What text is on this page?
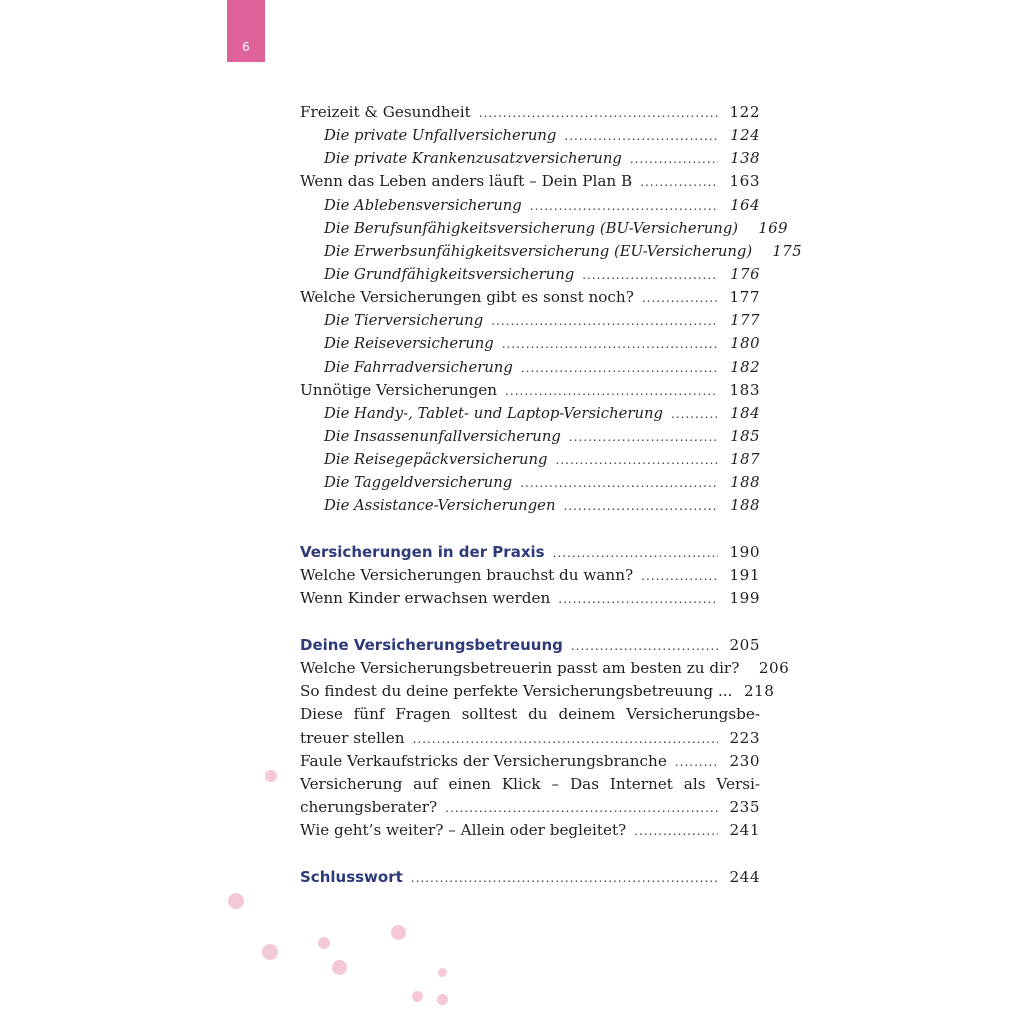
6
Freizeit & Gesundheit .....	122
Die private Unfallversicherung .....	124
Die private Krankenzusatzversicherung .....	138
Wenn das Leben anders läuft – Dein Plan B .....	163
Die Ablebensversicherung .....	164
Die Berufsunfähigkeitsversicherung (BU-Versicherung)	169
Die Erwerbsunfähigkeitsversicherung (EU-Versicherung)	175
Die Grundfähigkeitsversicherung .....	176
Welche Versicherungen gibt es sonst noch? .....	177
Die Tierversicherung .....	177
Die Reiseversicherung .....	180
Die Fahrradversicherung .....	182
Unnötige Versicherungen .....	183
Die Handy-, Tablet- und Laptop-Versicherung .....	184
Die Insassenunfallversicherung .....	185
Die Reisegepäckversicherung .....	187
Die Taggeldversicherung .....	188
Die Assistance-Versicherungen .....	188
Versicherungen in der Praxis .....	190
Welche Versicherungen brauchst du wann? .....	191
Wenn Kinder erwachsen werden .....	199
Deine Versicherungsbetreuung .....	205
Welche Versicherungsbetreuerin passt am besten zu dir?	206
So findest du deine perfekte Versicherungsbetreuung ... 218
Diese fünf Fragen solltest du deinem Versicherungsbe-
treuer stellen .....	223
Faule Verkaufstricks der Versicherungsbranche .....	230
Versicherung auf einen Klick – Das Internet als Versi-
cherungsberater? .....	235
Wie geht’s weiter? – Allein oder begleitet? .....	241
Schlusswort .....	244
